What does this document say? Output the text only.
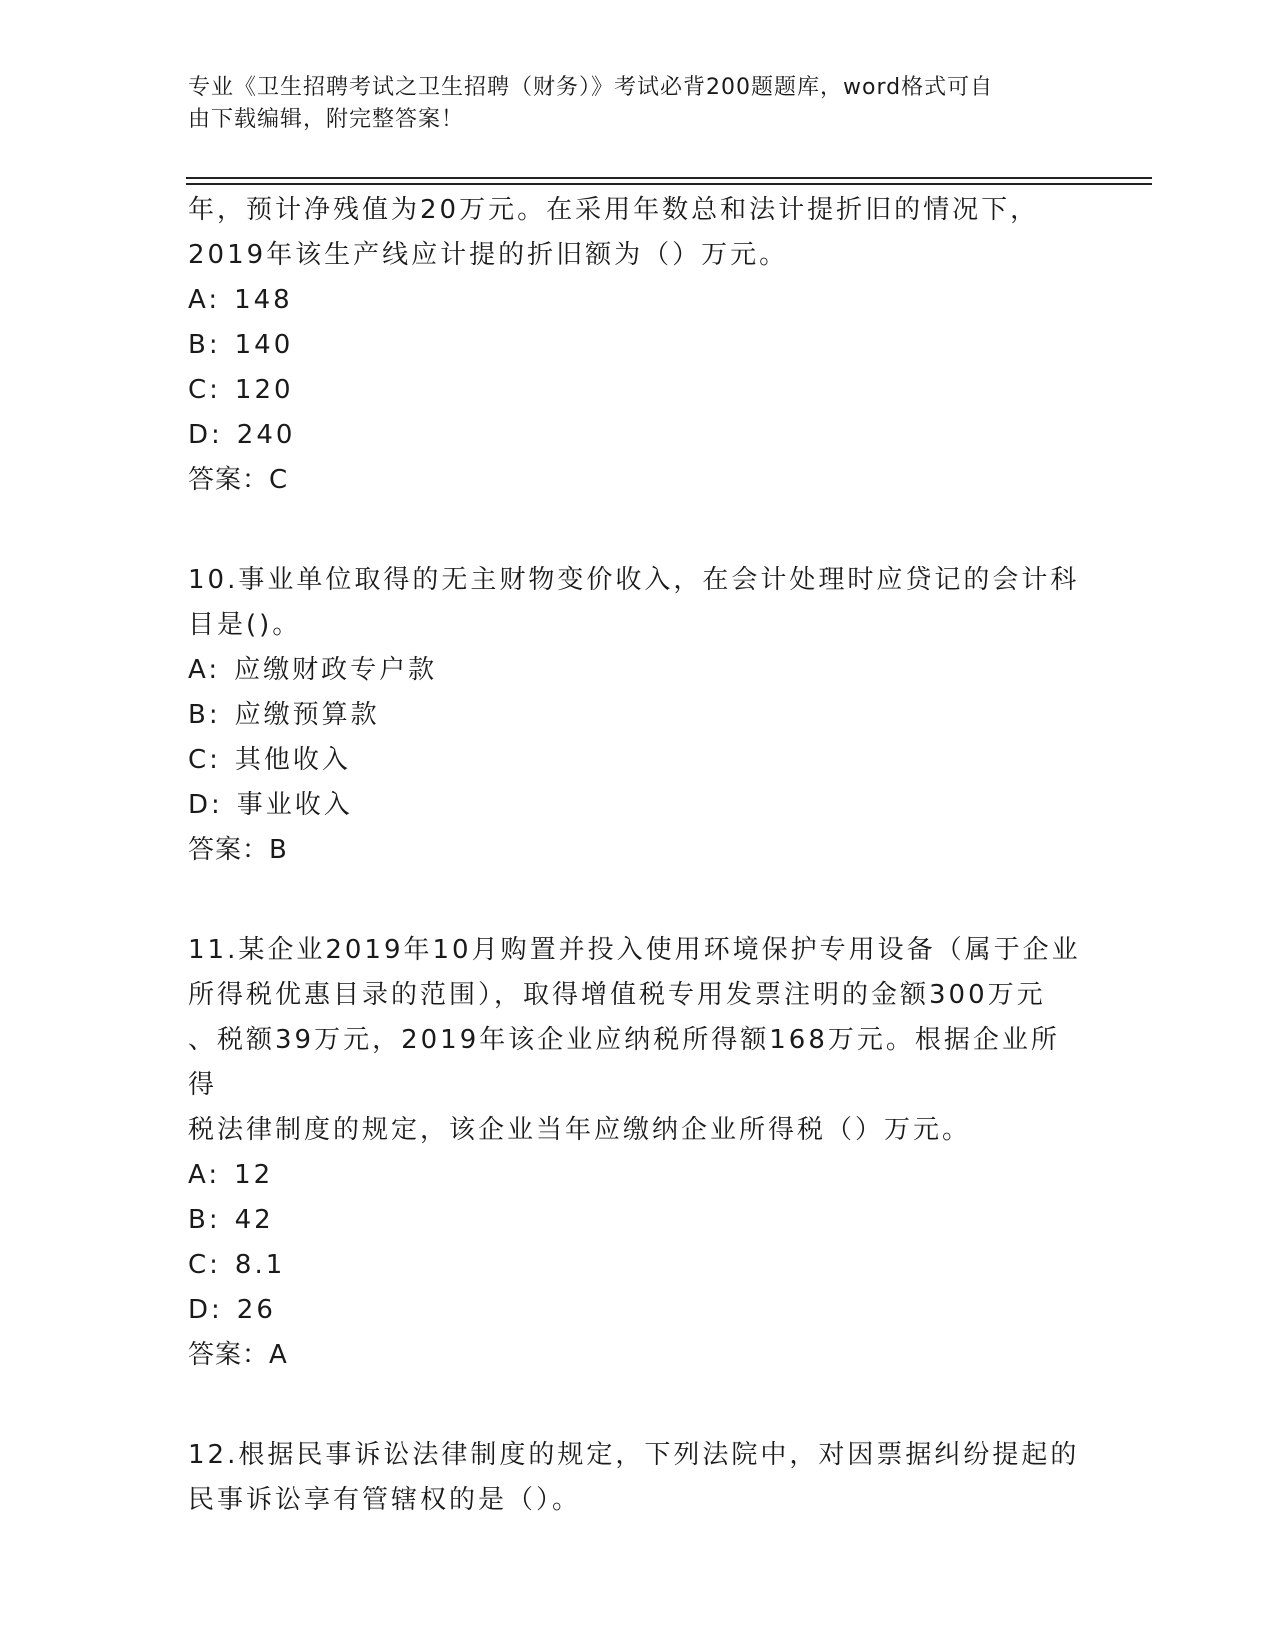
专业《卫生招聘考试之卫生招聘（财务）》考试必背200题题库，word格式可自
由下载编辑，附完整答案！
年，预计净残值为20万元。在采用年数总和法计提折旧的情况下，
2019年该生产线应计提的折旧额为（）万元。
A: 148
B: 140
C: 120
D: 240
答案：C
10.事业单位取得的无主财物变价收入，在会计处理时应贷记的会计科
目是()。
A: 应缴财政专户款
B: 应缴预算款
C: 其他收入
D: 事业收入
答案：B
11.某企业2019年10月购置并投入使用环境保护专用设备（属于企业
所得税优惠目录的范围），取得增值税专用发票注明的金额300万元
、税额39万元，2019年该企业应纳税所得额168万元。根据企业所得
税法律制度的规定，该企业当年应缴纳企业所得税（）万元。
A: 12
B: 42
C: 8.1
D: 26
答案：A
12.根据民事诉讼法律制度的规定，下列法院中，对因票据纠纷提起的
民事诉讼享有管辖权的是（）。
